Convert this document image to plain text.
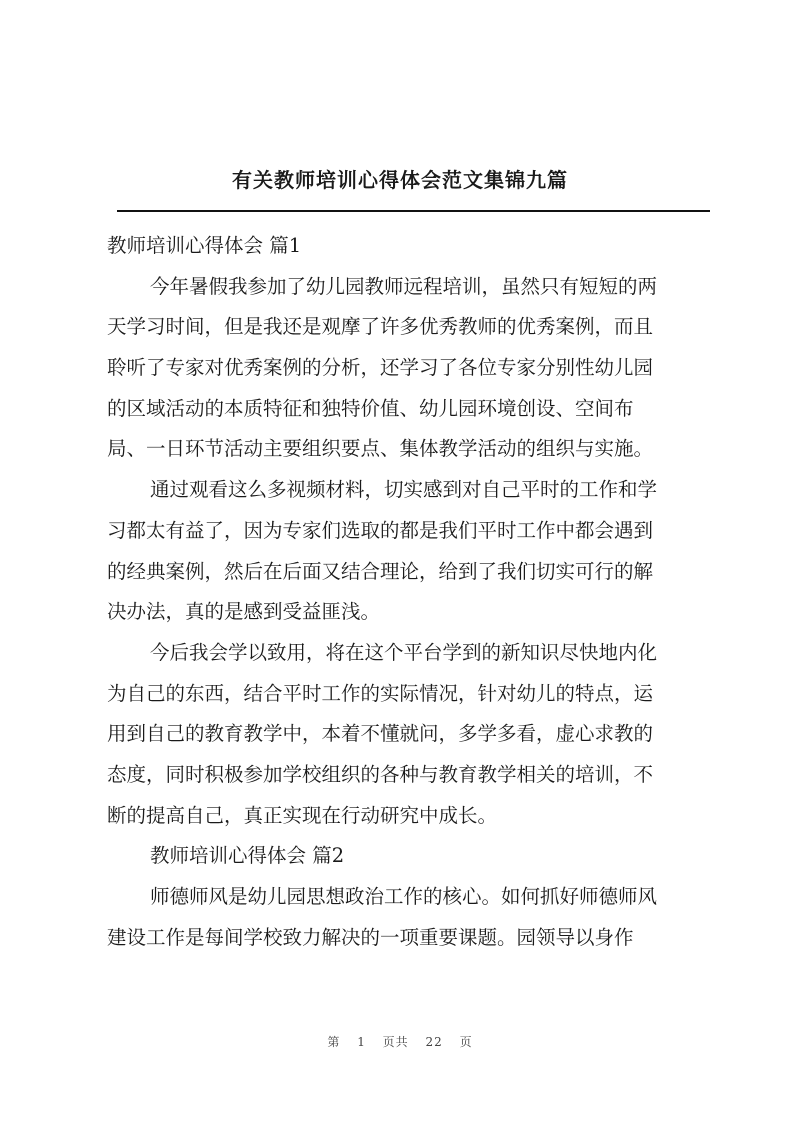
有关教师培训心得体会范文集锦九篇
教师培训心得体会 篇1
今年暑假我参加了幼儿园教师远程培训，虽然只有短短的两
天学习时间，但是我还是观摩了许多优秀教师的优秀案例，而且
聆听了专家对优秀案例的分析，还学习了各位专家分别性幼儿园
的区域活动的本质特征和独特价值、幼儿园环境创设、空间布
局、一日环节活动主要组织要点、集体教学活动的组织与实施。
通过观看这么多视频材料，切实感到对自己平时的工作和学
习都太有益了，因为专家们选取的都是我们平时工作中都会遇到
的经典案例，然后在后面又结合理论，给到了我们切实可行的解
决办法，真的是感到受益匪浅。
今后我会学以致用，将在这个平台学到的新知识尽快地内化
为自己的东西，结合平时工作的实际情况，针对幼儿的特点，运
用到自己的教育教学中，本着不懂就问，多学多看，虚心求教的
态度，同时积极参加学校组织的各种与教育教学相关的培训，不
断的提高自己，真正实现在行动研究中成长。
教师培训心得体会 篇2
师德师风是幼儿园思想政治工作的核心。如何抓好师德师风
建设工作是每间学校致力解决的一项重要课题。园领导以身作
第 1 页共 22 页
